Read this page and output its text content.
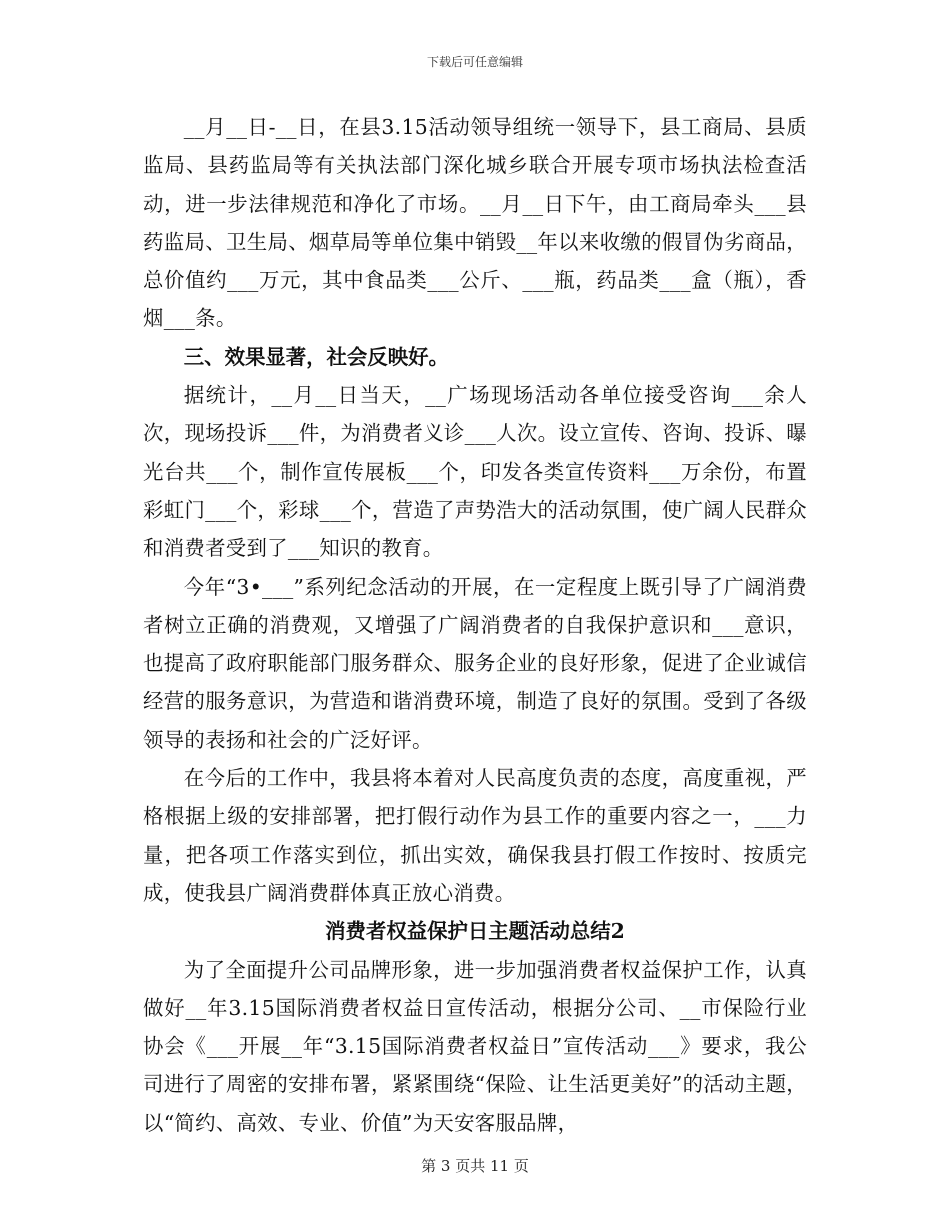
下载后可任意编辑

__月__日-__日，在县3.15活动领导组统一领导下，县工商局、县质监局、县药监局等有关执法部门深化城乡联合开展专项市场执法检查活动，进一步法律规范和净化了市场。__月__日下午，由工商局牵头___县药监局、卫生局、烟草局等单位集中销毁__年以来收缴的假冒伪劣商品，总价值约___万元，其中食品类___公斤、___瓶，药品类___盒（瓶），香烟___条。

三、效果显著，社会反映好。

据统计，__月__日当天，__广场现场活动各单位接受咨询___余人次，现场投诉___件，为消费者义诊___人次。设立宣传、咨询、投诉、曝光台共___个，制作宣传展板___个，印发各类宣传资料___万余份，布置彩虹门___个，彩球___个，营造了声势浩大的活动氛围，使广阔人民群众和消费者受到了___知识的教育。

今年“3•___”系列纪念活动的开展，在一定程度上既引导了广阔消费者树立正确的消费观，又增强了广阔消费者的自我保护意识和___意识，也提高了政府职能部门服务群众、服务企业的良好形象，促进了企业诚信经营的服务意识，为营造和谐消费环境，制造了良好的氛围。受到了各级领导的表扬和社会的广泛好评。

在今后的工作中，我县将本着对人民高度负责的态度，高度重视，严格根据上级的安排部署，把打假行动作为县工作的重要内容之一，___力量，把各项工作落实到位，抓出实效，确保我县打假工作按时、按质完成，使我县广阔消费群体真正放心消费。

消费者权益保护日主题活动总结2

为了全面提升公司品牌形象，进一步加强消费者权益保护工作，认真做好__年3.15国际消费者权益日宣传活动，根据分公司、__市保险行业协会《___开展__年“3.15国际消费者权益日”宣传活动___》要求，我公司进行了周密的安排布署，紧紧围绕“保险、让生活更美好”的活动主题，以“简约、高效、专业、价值”为天安客服品牌，

第 3 页共 11 页
